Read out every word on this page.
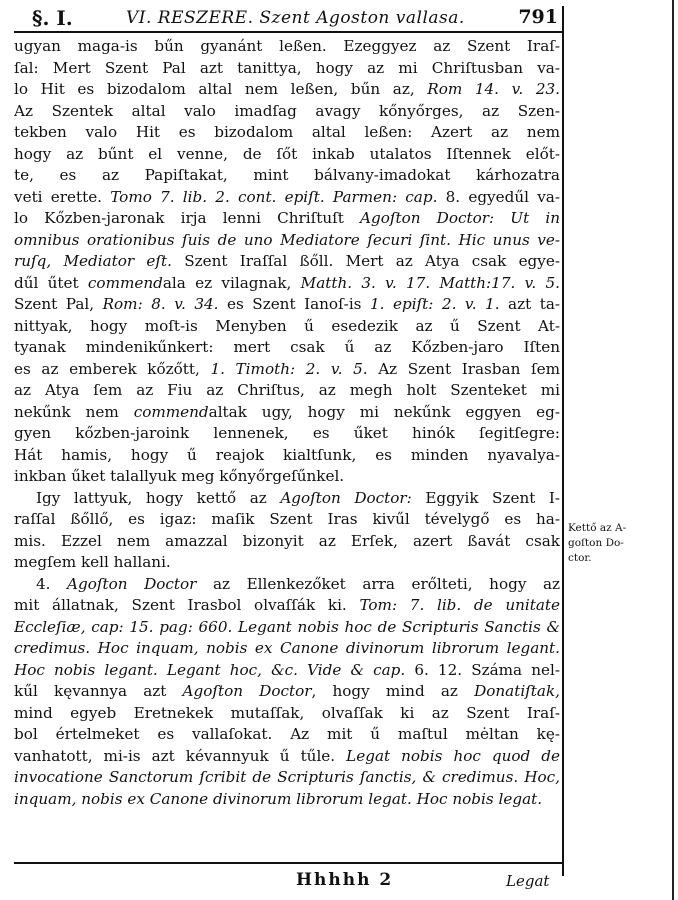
§. I.	VI. RESZERE. Szent Agoston vallasa.	791
ugyan maga-is bűn gyanánt leßen. Ezeggyez az Szent Iraſ-
ſal: Mert Szent Pal azt tanittya, hogy az mi Chriſtusban va-
lo Hit es bizodalom altal nem leßen, bűn az, Rom 14. v. 23.
Az Szentek altal valo imadſag avagy kőnyőrges, az Szen-
tekben valo Hit es bizodalom altal leßen: Azert az nem
hogy az bűnt el venne, de ſőt inkab utalatos Iſtennek előt-
te, es az Papiſtakat, mint bálvany-imadokat kárhozatra
veti erette. Tomo 7. lib. 2. cont. epiſt. Parmen: cap. 8. egyedűl va-
lo Kőzben-jaronak irja lenni Chriſtuſt Agoſton Doctor: Ut in
omnibus orationibus ſuis de uno Mediatore ſecuri ſint. Hic unus ve-
ruſq, Mediator eſt. Szent Iraſſal ßőll. Mert az Atya csak egye-
dűl űtet commendala ez vilagnak, Matth. 3. v. 17. Matth:17. v. 5.
Szent Pal, Rom: 8. v. 34. es Szent Ianoſ-is 1. epiſt: 2. v. 1. azt ta-
nittyak, hogy moſt-is Menyben ű esedezik az ű Szent At-
tyanak mindenikűnkert: mert csak ű az Kőzben-jaro Iſten
es az emberek kőzőtt, 1. Timoth: 2. v. 5. Az Szent Irasban ſem
az Atya ſem az Fiu az Chriſtus, az megh holt Szenteket mi
nekűnk nem commendaltak ugy, hogy mi nekűnk eggyen eg-
gyen kőzben-jaroink lennenek, es űket hinók ſegitſegre:
Hát hamis, hogy ű reajok kialtſunk, es minden nyavalya-
inkban űket talallyuk meg kőnyőrgeſűnkel.
Igy lattyuk, hogy kettő az Agoſton Doctor: Eggyik Szent I-
raſſal ßőllő, es igaz: maſik Szent Iras kivűl tévelygő es ha-
mis. Ezzel nem amazzal bizonyit az Erſek, azert ßavát csak
megſem kell hallani.
4. Agoſton Doctor az Ellenkezőket arra erőlteti, hogy az
mit állatnak, Szent Irasbol olvaſſák ki. Tom: 7. lib. de unitate
Eccleſiæ, cap: 15. pag: 660. Legant nobis hoc de Scripturis Sanctis &
credimus. Hoc inquam, nobis ex Canone divinorum librorum legant.
Hoc nobis legant. Legant hoc, &c. Vide & cap. 6. 12. Száma nel-
kűl kęvannya azt Agoſton Doctor, hogy mind az Donatiſtak,
mind egyeb Eretnekek mutaſſak, olvaſſak ki az Szent Iraſ-
bol értelmeket es vallaſokat. Az mit ű maſtul mėltan kę-
vanhatott, mi-is azt kévannyuk ű tűle. Legat nobis hoc quod de
invocatione Sanctorum ſcribit de Scripturis ſanctis, & credimus. Hoc,
inquam, nobis ex Canone divinorum librorum legat. Hoc nobis legat.
Kettő az A-
goſton Do-
ctor.
Hhhhh 2	Legat
